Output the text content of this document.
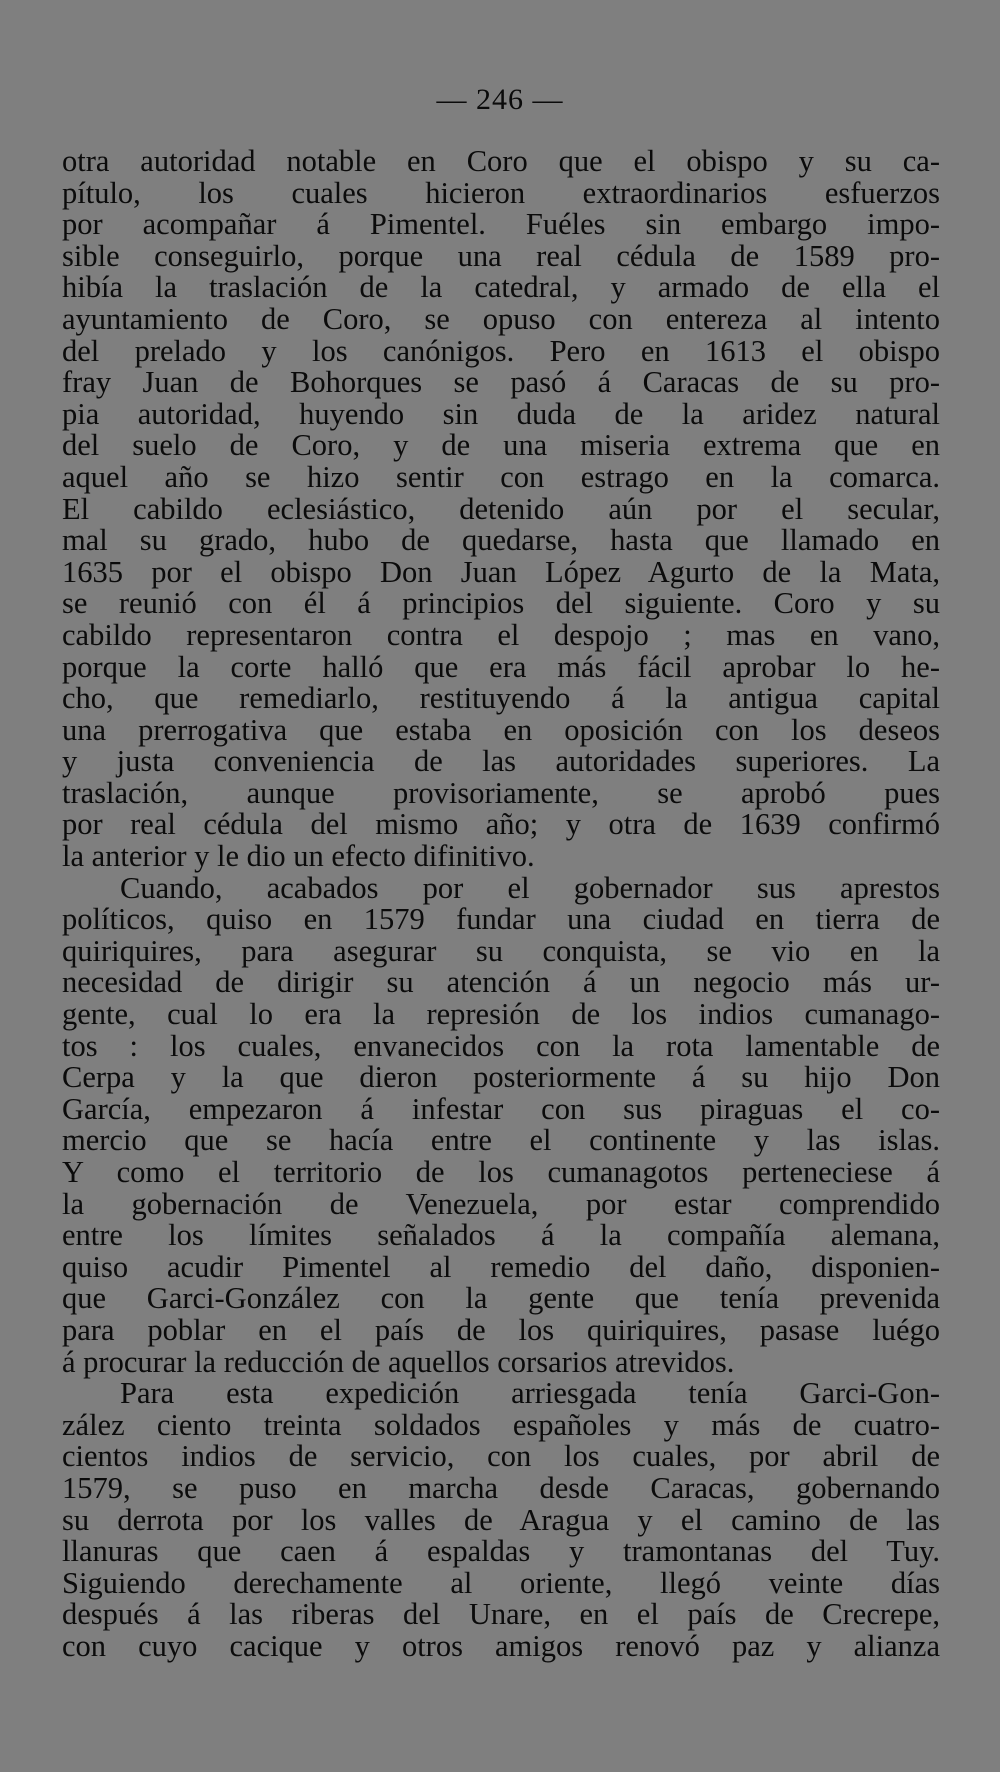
— 246 —
otra autoridad notable en Coro que el obispo y su ca-
pítulo, los cuales hicieron extraordinarios esfuerzos
por acompañar á Pimentel. Fuéles sin embargo impo-
sible conseguirlo, porque una real cédula de 1589 pro-
hibía la traslación de la catedral, y armado de ella el
ayuntamiento de Coro, se opuso con entereza al intento
del prelado y los canónigos. Pero en 1613 el obispo
fray Juan de Bohorques se pasó á Caracas de su pro-
pia autoridad, huyendo sin duda de la aridez natural
del suelo de Coro, y de una miseria extrema que en
aquel año se hizo sentir con estrago en la comarca.
El cabildo eclesiástico, detenido aún por el secular,
mal su grado, hubo de quedarse, hasta que llamado en
1635 por el obispo Don Juan López Agurto de la Mata,
se reunió con él á principios del siguiente. Coro y su
cabildo representaron contra el despojo ; mas en vano,
porque la corte halló que era más fácil aprobar lo he-
cho, que remediarlo, restituyendo á la antigua capital
una prerrogativa que estaba en oposición con los deseos
y justa conveniencia de las autoridades superiores. La
traslación, aunque provisoriamente, se aprobó pues
por real cédula del mismo año; y otra de 1639 confirmó
la anterior y le dio un efecto difinitivo.
Cuando, acabados por el gobernador sus aprestos
políticos, quiso en 1579 fundar una ciudad en tierra de
quiriquires, para asegurar su conquista, se vio en la
necesidad de dirigir su atención á un negocio más ur-
gente, cual lo era la represión de los indios cumanago-
tos : los cuales, envanecidos con la rota lamentable de
Cerpa y la que dieron posteriormente á su hijo Don
García, empezaron á infestar con sus piraguas el co-
mercio que se hacía entre el continente y las islas.
Y como el territorio de los cumanagotos perteneciese á
la gobernación de Venezuela, por estar comprendido
entre los límites señalados á la compañía alemana,
quiso acudir Pimentel al remedio del daño, disponien-
que Garci-González con la gente que tenía prevenida
para poblar en el país de los quiriquires, pasase luégo
á procurar la reducción de aquellos corsarios atrevidos.
Para esta expedición arriesgada tenía Garci-Gon-
zález ciento treinta soldados españoles y más de cuatro-
cientos indios de servicio, con los cuales, por abril de
1579, se puso en marcha desde Caracas, gobernando
su derrota por los valles de Aragua y el camino de las
llanuras que caen á espaldas y tramontanas del Tuy.
Siguiendo derechamente al oriente, llegó veinte días
después á las riberas del Unare, en el país de Crecrepe,
con cuyo cacique y otros amigos renovó paz y alianza
